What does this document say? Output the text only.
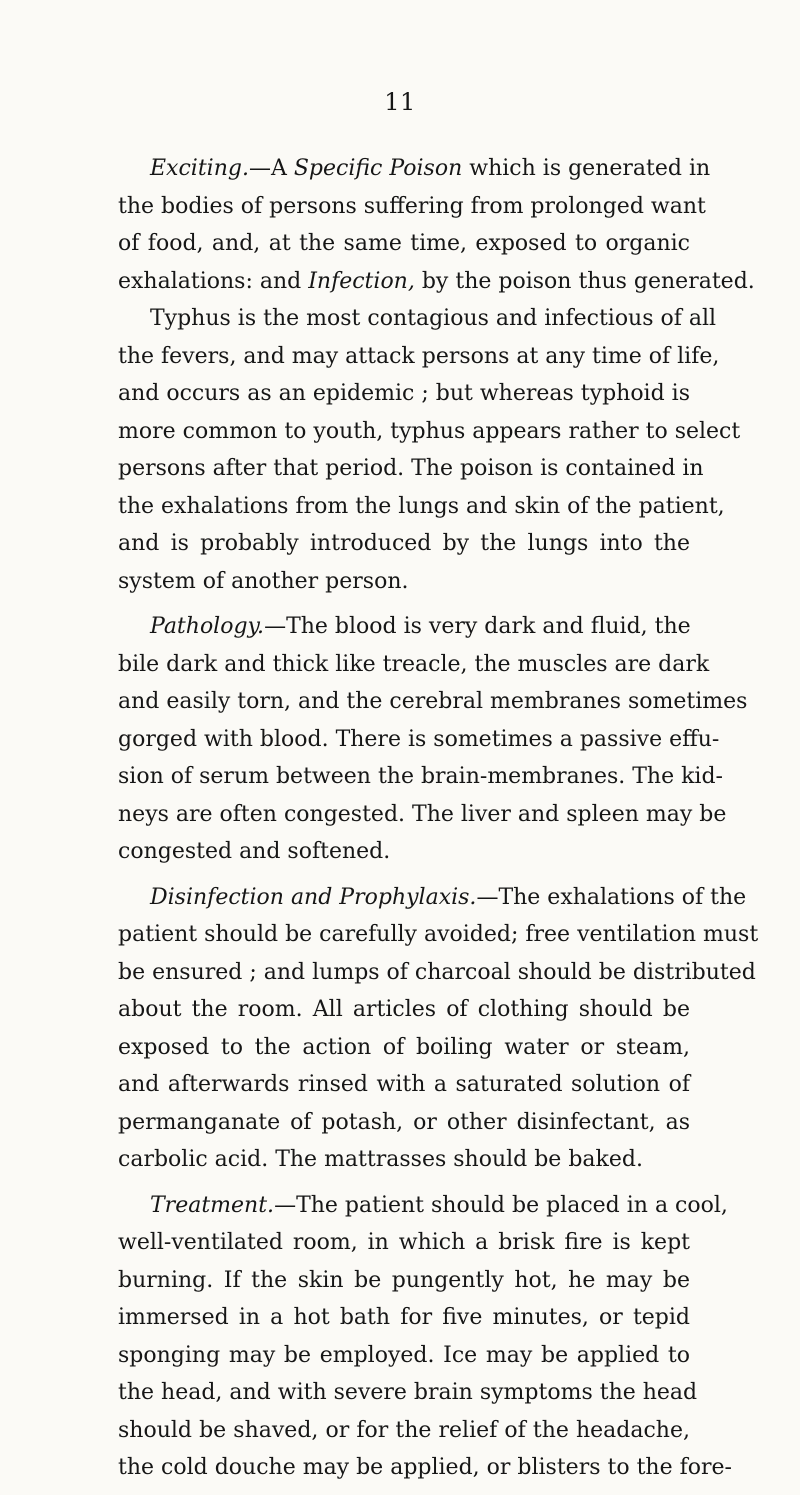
11

Exciting.—A Specific Poison which is generated in
the bodies of persons suffering from prolonged want
of food, and, at the same time, exposed to organic
exhalations: and Infection, by the poison thus generated.
Typhus is the most contagious and infectious of all
the fevers, and may attack persons at any time of life,
and occurs as an epidemic ; but whereas typhoid is
more common to youth, typhus appears rather to select
persons after that period. The poison is contained in
the exhalations from the lungs and skin of the patient,
and is probably introduced by the lungs into the
system of another person.

Pathology.—The blood is very dark and fluid, the
bile dark and thick like treacle, the muscles are dark
and easily torn, and the cerebral membranes sometimes
gorged with blood. There is sometimes a passive effu-
sion of serum between the brain-membranes. The kid-
neys are often congested. The liver and spleen may be
congested and softened.

Disinfection and Prophylaxis.—The exhalations of the
patient should be carefully avoided; free ventilation must
be ensured ; and lumps of charcoal should be distributed
about the room. All articles of clothing should be
exposed to the action of boiling water or steam,
and afterwards rinsed with a saturated solution of
permanganate of potash, or other disinfectant, as
carbolic acid. The mattrasses should be baked.

Treatment.—The patient should be placed in a cool,
well-ventilated room, in which a brisk fire is kept
burning. If the skin be pungently hot, he may be
immersed in a hot bath for five minutes, or tepid
sponging may be employed. Ice may be applied to
the head, and with severe brain symptoms the head
should be shaved, or for the relief of the headache,
the cold douche may be applied, or blisters to the fore-
